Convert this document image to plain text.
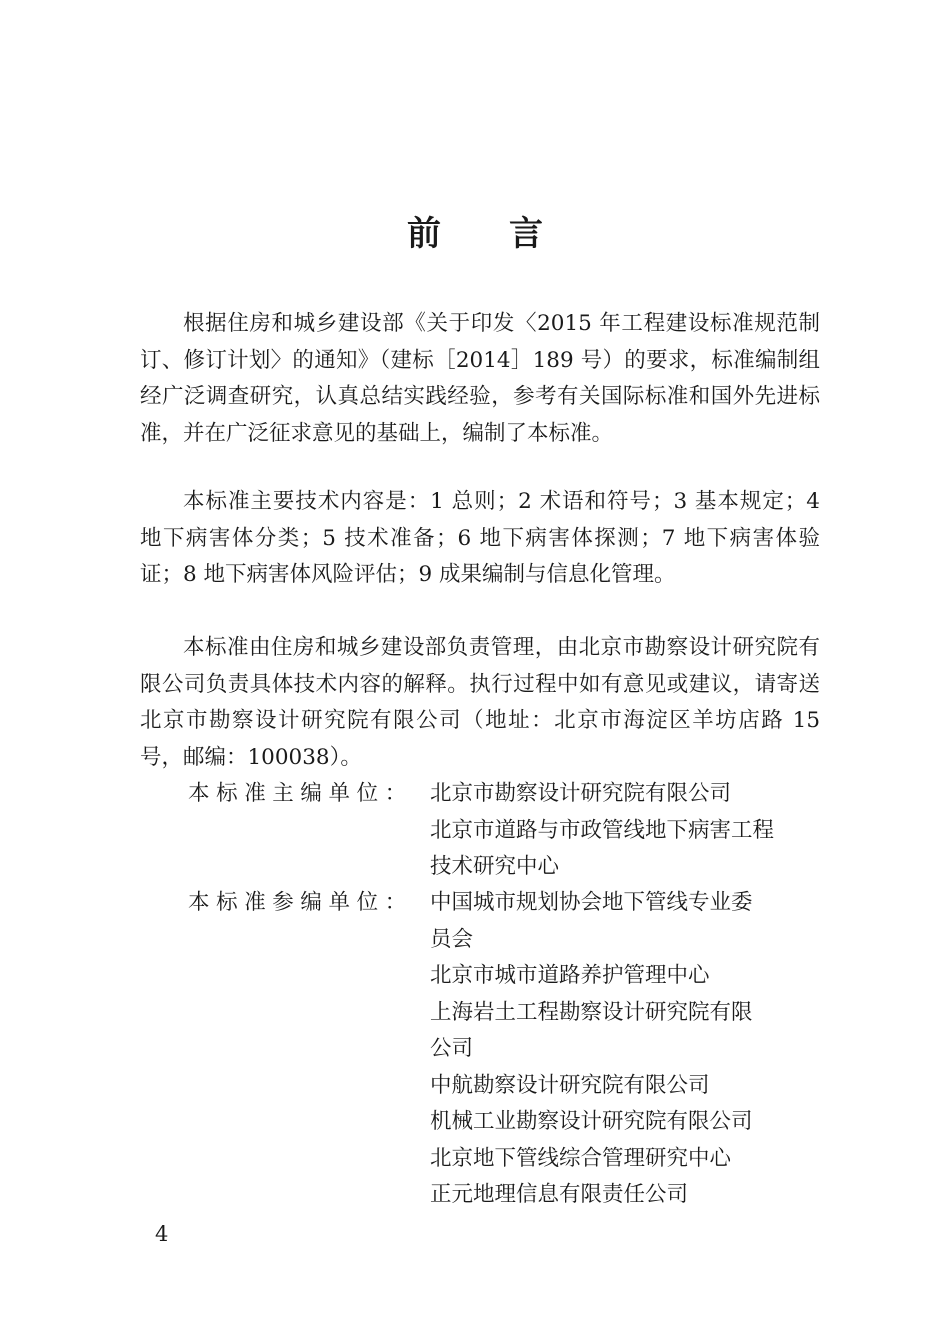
前 言

根据住房和城乡建设部《关于印发〈2015 年工程建设标准规范制订、修订计划〉的通知》（建标［2014］189 号）的要求，标准编制组经广泛调查研究，认真总结实践经验，参考有关国际标准和国外先进标准，并在广泛征求意见的基础上，编制了本标准。

本标准主要技术内容是：1 总则；2 术语和符号；3 基本规定；4 地下病害体分类；5 技术准备；6 地下病害体探测；7 地下病害体验证；8 地下病害体风险评估；9 成果编制与信息化管理。

本标准由住房和城乡建设部负责管理，由北京市勘察设计研究院有限公司负责具体技术内容的解释。执行过程中如有意见或建议，请寄送北京市勘察设计研究院有限公司（地址：北京市海淀区羊坊店路 15 号，邮编：100038）。

本标准主编单位： 北京市勘察设计研究院有限公司
北京市道路与市政管线地下病害工程
技术研究中心
本标准参编单位： 中国城市规划协会地下管线专业委
员会
北京市城市道路养护管理中心
上海岩土工程勘察设计研究院有限
公司
中航勘察设计研究院有限公司
机械工业勘察设计研究院有限公司
北京地下管线综合管理研究中心
正元地理信息有限责任公司
4
